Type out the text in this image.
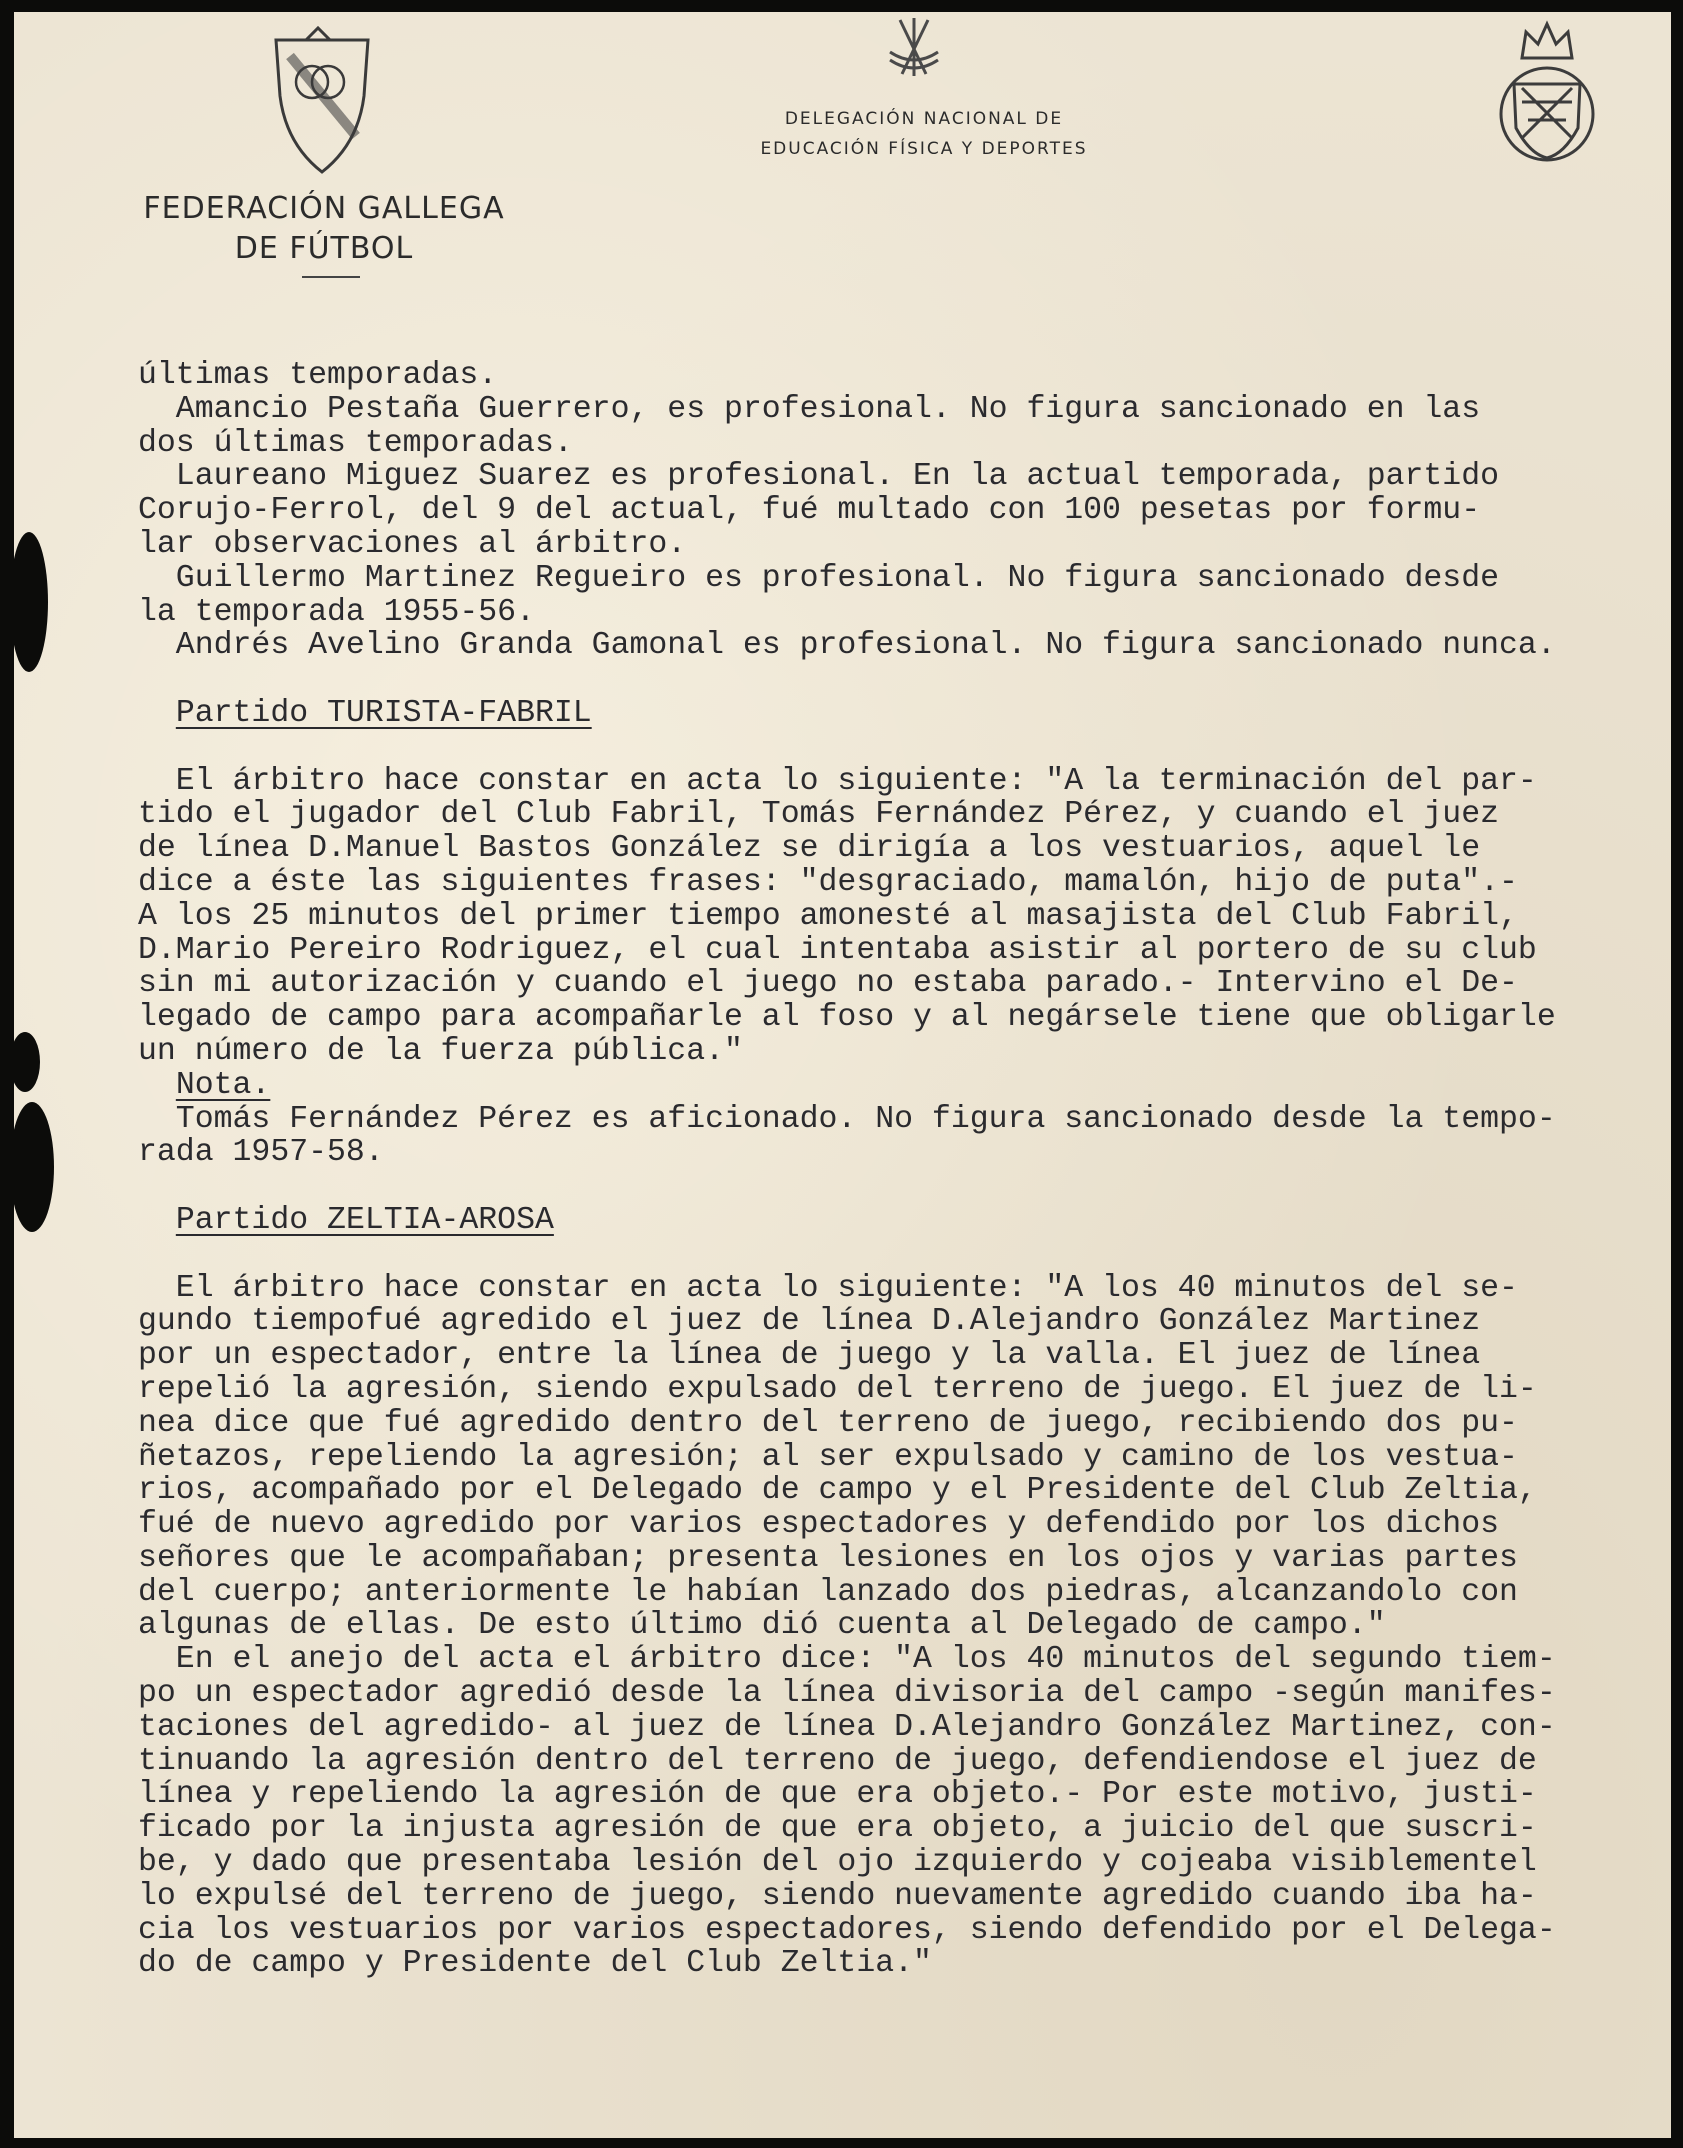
FEDERACIÓN GALLEGA
DE FÚTBOL
DELEGACIÓN NACIONAL DE
EDUCACIÓN FÍSICA Y DEPORTES
últimas temporadas.
Amancio Pestaña Guerrero, es profesional. No figura sancionado en las
dos últimas temporadas.
Laureano Miguez Suarez es profesional. En la actual temporada, partido
Corujo-Ferrol, del 9 del actual, fué multado con 100 pesetas por formu-
lar observaciones al árbitro.
Guillermo Martinez Regueiro es profesional. No figura sancionado desde
la temporada 1955-56.
Andrés Avelino Granda Gamonal es profesional. No figura sancionado nunca.
Partido TURISTA-FABRIL
El árbitro hace constar en acta lo siguiente: "A la terminación del par-
tido el jugador del Club Fabril, Tomás Fernández Pérez, y cuando el juez
de línea D.Manuel Bastos González se dirigía a los vestuarios, aquel le
dice a éste las siguientes frases: "desgraciado, mamalón, hijo de puta".-
A los 25 minutos del primer tiempo amonesté al masajista del Club Fabril,
D.Mario Pereiro Rodriguez, el cual intentaba asistir al portero de su club
sin mi autorización y cuando el juego no estaba parado.- Intervino el De-
legado de campo para acompañarle al foso y al negársele tiene que obligarle
un número de la fuerza pública."
Nota.
Tomás Fernández Pérez es aficionado. No figura sancionado desde la tempo-
rada 1957-58.
Partido ZELTIA-AROSA
El árbitro hace constar en acta lo siguiente: "A los 40 minutos del se-
gundo tiempofué agredido el juez de línea D.Alejandro González Martinez
por un espectador, entre la línea de juego y la valla. El juez de línea
repelió la agresión, siendo expulsado del terreno de juego. El juez de li-
nea dice que fué agredido dentro del terreno de juego, recibiendo dos pu-
ñetazos, repeliendo la agresión; al ser expulsado y camino de los vestua-
rios, acompañado por el Delegado de campo y el Presidente del Club Zeltia,
fué de nuevo agredido por varios espectadores y defendido por los dichos
señores que le acompañaban; presenta lesiones en los ojos y varias partes
del cuerpo; anteriormente le habían lanzado dos piedras, alcanzandolo con
algunas de ellas. De esto último dió cuenta al Delegado de campo."
En el anejo del acta el árbitro dice: "A los 40 minutos del segundo tiem-
po un espectador agredió desde la línea divisoria del campo -según manifes-
taciones del agredido- al juez de línea D.Alejandro González Martinez, con-
tinuando la agresión dentro del terreno de juego, defendiendose el juez de
línea y repeliendo la agresión de que era objeto.- Por este motivo, justi-
ficado por la injusta agresión de que era objeto, a juicio del que suscri-
be, y dado que presentaba lesión del ojo izquierdo y cojeaba visiblementel
lo expulsé del terreno de juego, siendo nuevamente agredido cuando iba ha-
cia los vestuarios por varios espectadores, siendo defendido por el Delega-
do de campo y Presidente del Club Zeltia."
